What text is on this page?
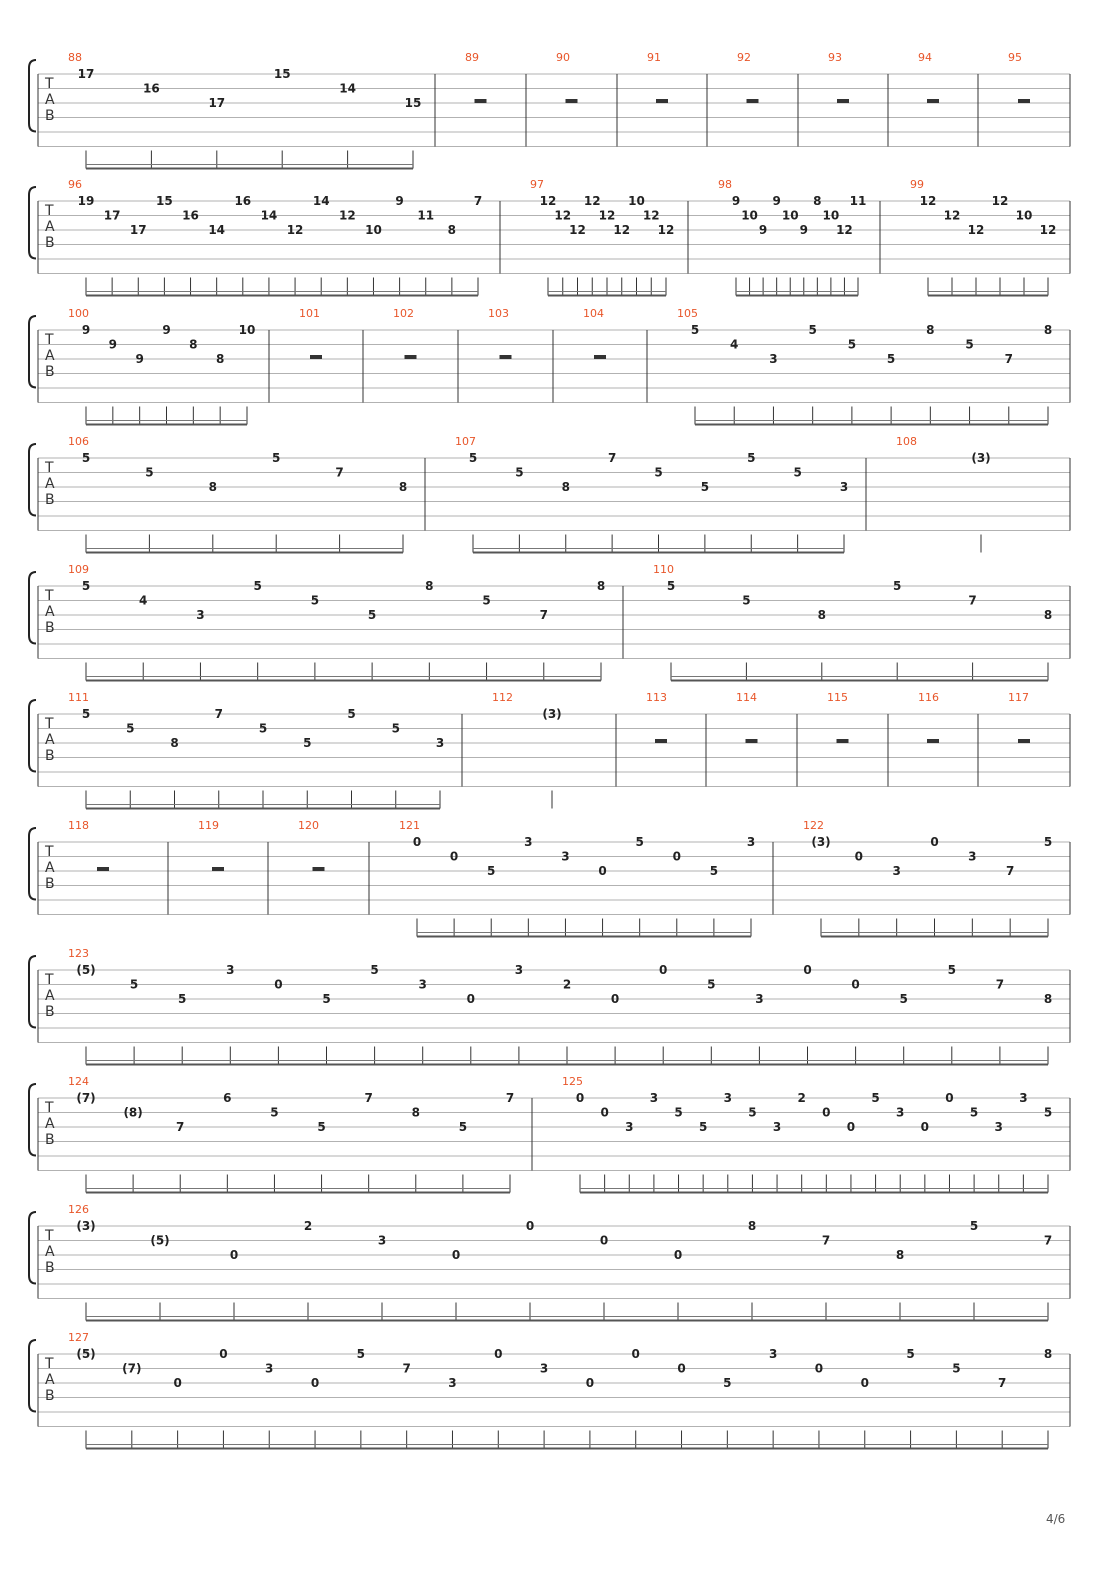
T
A
B
88
17
16
17
15
14
15
89	90	91	92	93	94	95
T
A
B
96
19
17
17
15
16
14
16
14
12
14
12
10
9
11
8
7
97
12
12
12
12
12
12
10
12
12
98
9
10
9
9
10
9
8
10
12
11
99
12
12
12
12
10
12
T
A
B
100
9
9
9
9
8
8
10
101	102	103	104	105
5
4
3
5
5
5
8
5
7
8
T
A
B
106
5
5
8
5
7
8
107
5
5
8
7
5
5
5
5
3
108
(3)
T
A
B
109
5
4
3
5
5
5
8
5
7
8
110
5
5
8
5
7
8
T
A
B
111
5
5
8
7
5
5
5
5
3
112
(3)
113	114	115	116	117
T
A
B
118	119	120	121
0
0
5
3
3
0
5
0
5
3
122
(3)
0
3
0
3
7
5
T
A
B
123
(5)
5
5
3
0
5
5
3
0
3
2
0
0
5
3
0
0
5
5
7
8
T
A
B
124
(7)
(8)
7
6
5
5
7
8
5
7
125
0
0
3
3
5
5
3
5
3
2
0
0
5
3
0
0
5
3
3
5
T
A
B
126
(3)
(5)
0
2
3
0
0
0
0
8
7
8
5
7
T
A
B
127
(5)
(7)
0
0
3
0
5
7
3
0
3
0
0
0
5
3
0
0
5
5
7
8
4/6
